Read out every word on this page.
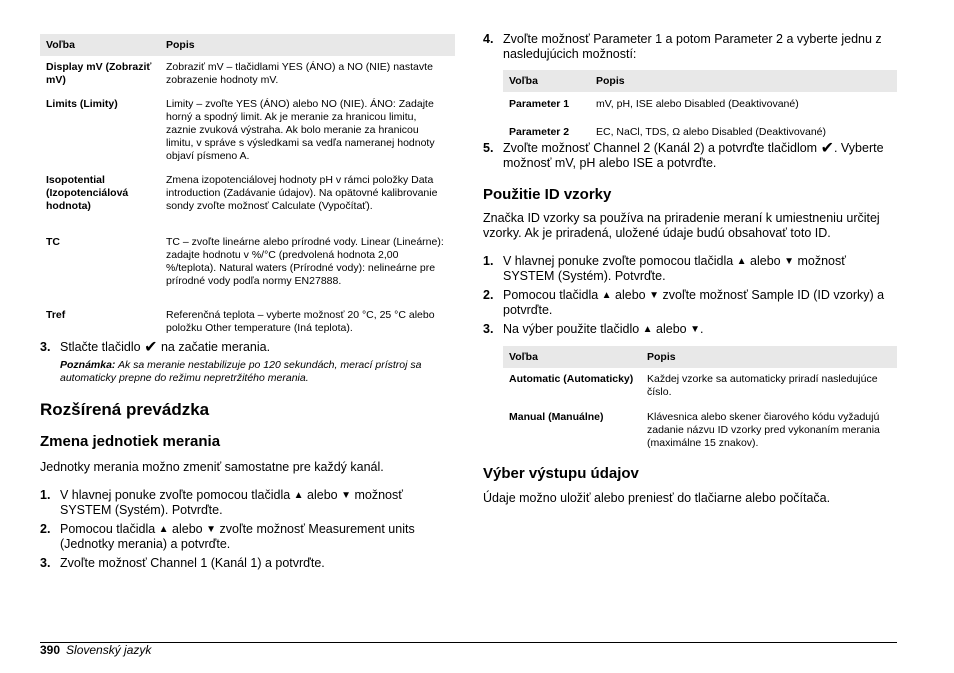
Voľba	Popis
Display mV (Zobraziť mV)	Zobraziť mV – tlačidlami YES (ÁNO) a NO (NIE) nastavte zobrazenie hodnoty mV.
Limits (Limity)	Limity – zvoľte YES (ÁNO) alebo NO (NIE). ÁNO: Zadajte horný a spodný limit. Ak je meranie za hranicou limitu, zaznie zvuková výstraha. Ak bolo meranie za hranicou limitu, v správe s výsledkami sa vedľa nameranej hodnoty objaví písmeno A.
Isopotential (Izopotenciálová hodnota)	Zmena izopotenciálovej hodnoty pH v rámci položky Data introduction (Zadávanie údajov). Na opätovné kalibrovanie sondy zvoľte možnosť Calculate (Vypočítať).
TC	TC – zvoľte lineárne alebo prírodné vody. Linear (Lineárne): zadajte hodnotu v %/°C (predvolená hodnota 2,00 %/teplota). Natural waters (Prírodné vody): nelineárne pre prírodné vody podľa normy EN27888.
Tref	Referenčná teplota – vyberte možnosť 20 °C, 25 °C alebo položku Other temperature (Iná teplota).
3. Stlačte tlačidlo ✔ na začatie merania.
Poznámka: Ak sa meranie nestabilizuje po 120 sekundách, merací prístroj sa automaticky prepne do režimu nepretržitého merania.
Rozšírená prevádzka
Zmena jednotiek merania
Jednotky merania možno zmeniť samostatne pre každý kanál.
1. V hlavnej ponuke zvoľte pomocou tlačidla ▲ alebo ▼ možnosť SYSTEM (Systém). Potvrďte.
2. Pomocou tlačidla ▲ alebo ▼ zvoľte možnosť Measurement units (Jednotky merania) a potvrďte.
3. Zvoľte možnosť Channel 1 (Kanál 1) a potvrďte.
4. Zvoľte možnosť Parameter 1 a potom Parameter 2 a vyberte jednu z nasledujúcich možností:
Voľba	Popis
Parameter 1	mV, pH, ISE alebo Disabled (Deaktivované)
Parameter 2	EC, NaCl, TDS, Ω alebo Disabled (Deaktivované)
5. Zvoľte možnosť Channel 2 (Kanál 2) a potvrďte tlačidlom ✔. Vyberte možnosť mV, pH alebo ISE a potvrďte.
Použitie ID vzorky
Značka ID vzorky sa používa na priradenie meraní k umiestneniu určitej vzorky. Ak je priradená, uložené údaje budú obsahovať toto ID.
1. V hlavnej ponuke zvoľte pomocou tlačidla ▲ alebo ▼ možnosť SYSTEM (Systém). Potvrďte.
2. Pomocou tlačidla ▲ alebo ▼ zvoľte možnosť Sample ID (ID vzorky) a potvrďte.
3. Na výber použite tlačidlo ▲ alebo ▼.
Voľba	Popis
Automatic (Automaticky)	Každej vzorke sa automaticky priradí nasledujúce číslo.
Manual (Manuálne)	Klávesnica alebo skener čiarového kódu vyžadujú zadanie názvu ID vzorky pred vykonaním merania (maximálne 15 znakov).
Výber výstupu údajov
Údaje možno uložiť alebo preniesť do tlačiarne alebo počítača.
390 Slovenský jazyk
